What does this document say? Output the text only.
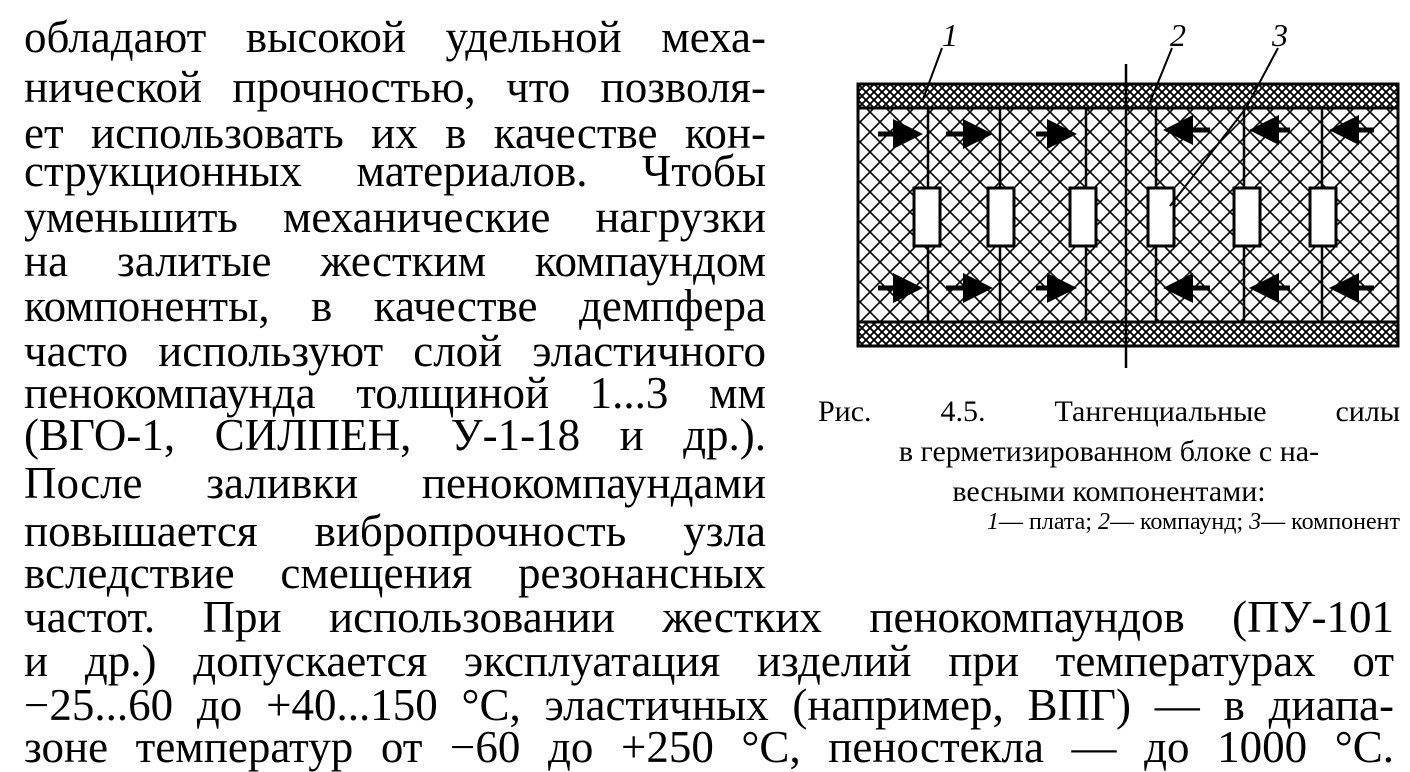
обладают высокой удельной меха-
нической прочностью, что позволя-
ет использовать их в качестве кон-
струкционных материалов. Чтобы
уменьшить механические нагрузки
на залитые жестким компаундом
компоненты, в качестве демпфера
часто используют слой эластичного
пенокомпаунда толщиной 1...3 мм
(ВГО-1, СИЛПЕН, У-1-18 и др.).
После заливки пенокомпаундами
повышается вибропрочность узла
вследствие смещения резонансных
частот. При использовании жестких пенокомпаундов (ПУ-101
и др.) допускается эксплуатация изделий при температурах от
−25...60 до +40...150 °С, эластичных (например, ВПГ) — в диапа-
зоне температур от −60 до +250 °С, пеностекла — до 1000 °С.
1	2	3
Рис. 4.5. Тангенциальные силы
в герметизированном блоке с на-
весными компонентами:
1— плата; 2— компаунд; 3— компонент
